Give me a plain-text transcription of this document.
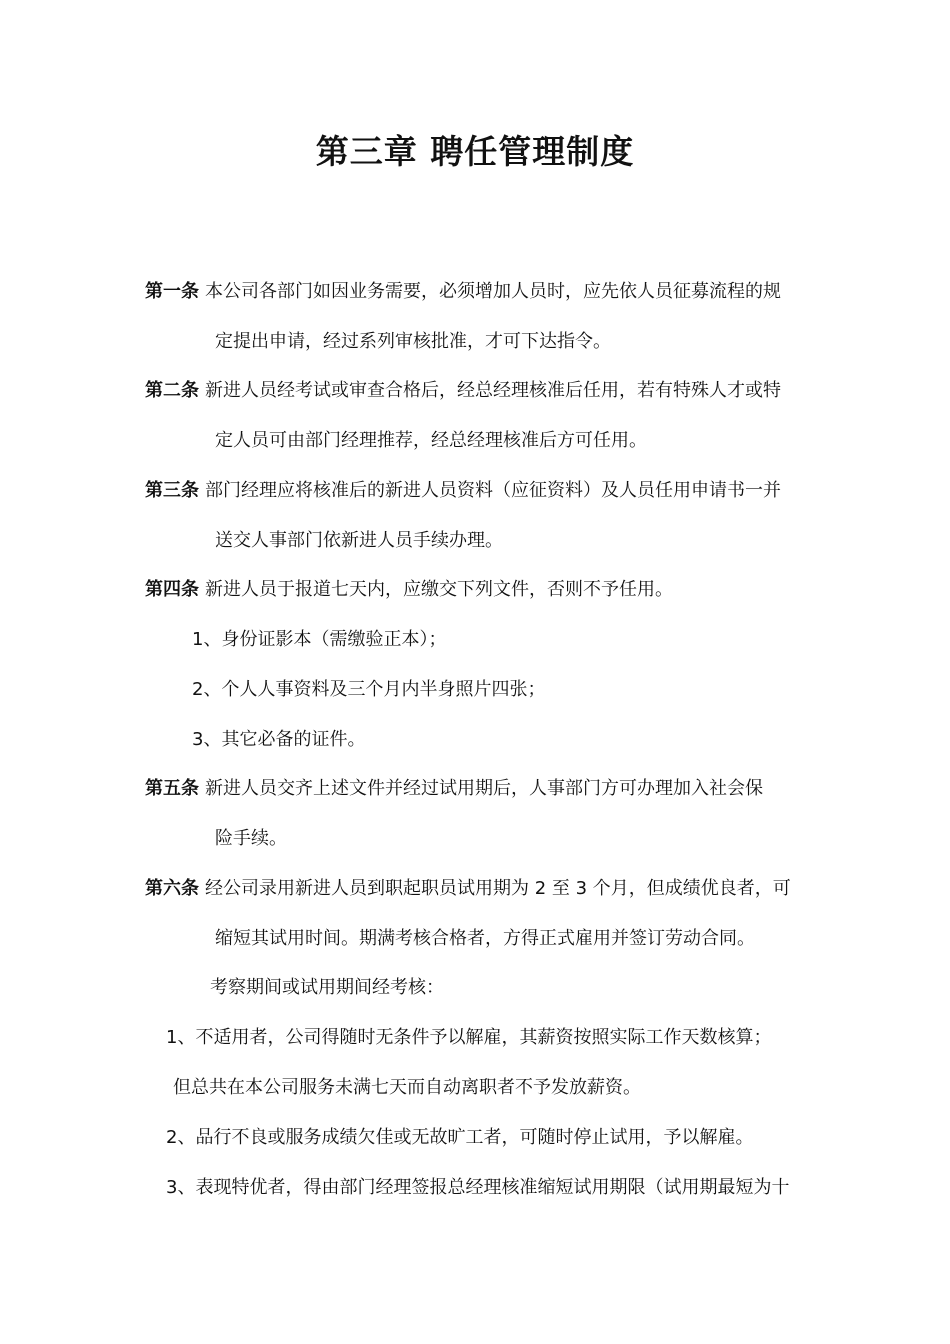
第三章 聘任管理制度
第一条 本公司各部门如因业务需要，必须增加人员时，应先依人员征募流程的规
定提出申请，经过系列审核批准，才可下达指令。
第二条 新进人员经考试或审查合格后，经总经理核准后任用，若有特殊人才或特
定人员可由部门经理推荐，经总经理核准后方可任用。
第三条 部门经理应将核准后的新进人员资料（应征资料）及人员任用申请书一并
送交人事部门依新进人员手续办理。
第四条 新进人员于报道七天内，应缴交下列文件，否则不予任用。
1、身份证影本（需缴验正本）；
2、个人人事资料及三个月内半身照片四张；
3、其它必备的证件。
第五条 新进人员交齐上述文件并经过试用期后，人事部门方可办理加入社会保
险手续。
第六条 经公司录用新进人员到职起职员试用期为 2 至 3 个月，但成绩优良者，可
缩短其试用时间。期满考核合格者，方得正式雇用并签订劳动合同。
考察期间或试用期间经考核：
1、不适用者，公司得随时无条件予以解雇，其薪资按照实际工作天数核算；
但总共在本公司服务未满七天而自动离职者不予发放薪资。
2、品行不良或服务成绩欠佳或无故旷工者，可随时停止试用，予以解雇。
3、表现特优者，得由部门经理签报总经理核准缩短试用期限（试用期最短为十
